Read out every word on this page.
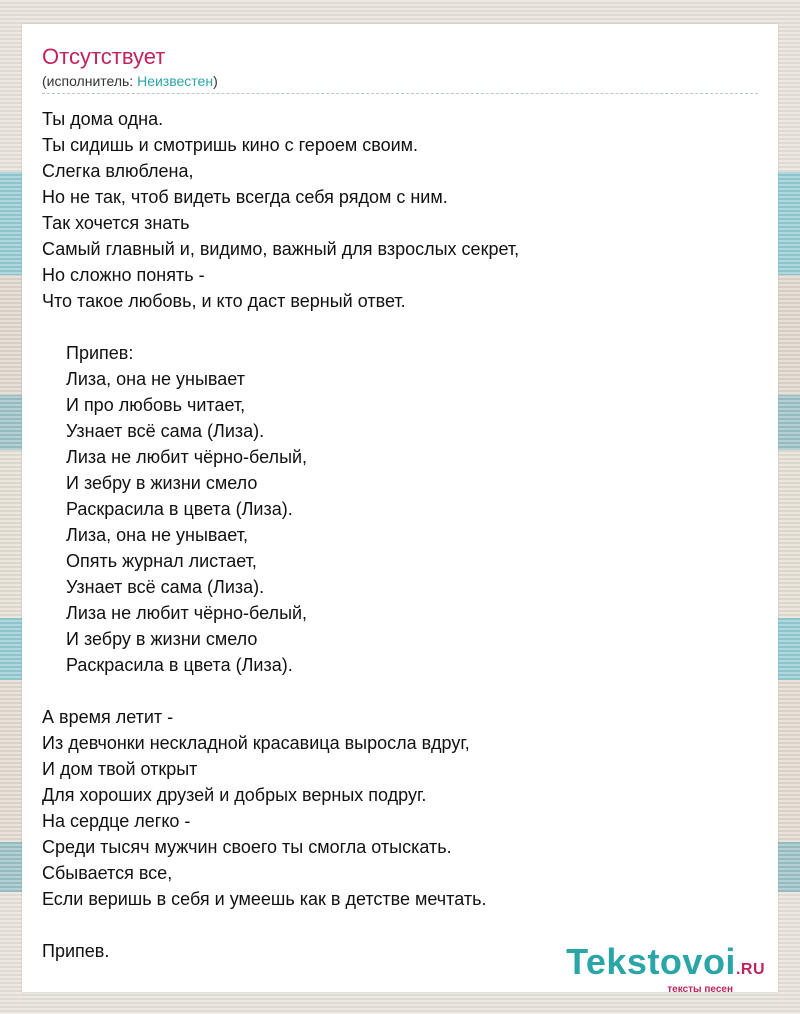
Отсутствует
(исполнитель: Неизвестен)
Ты дома одна.
Ты сидишь и смотришь кино с героем своим.
Слегка влюблена,
Но не так, чтоб видеть всегда себя рядом с ним.
Так хочется знать
Самый главный и, видимо, важный для взрослых секрет,
Но сложно понять -
Что такое любовь, и кто даст верный ответ.
Припев:
Лиза, она не унывает
И про любовь читает,
Узнает всё сама (Лиза).
Лиза не любит чёрно-белый,
И зебру в жизни смело
Раскрасила в цвета (Лиза).
Лиза, она не унывает,
Опять журнал листает,
Узнает всё сама (Лиза).
Лиза не любит чёрно-белый,
И зебру в жизни смело
Раскрасила в цвета (Лиза).
А время летит -
Из девчонки нескладной красавица выросла вдруг,
И дом твой открыт
Для хороших друзей и добрых верных подруг.
На сердце легко -
Среди тысяч мужчин своего ты смогла отыскать.
Сбывается все,
Если веришь в себя и умеешь как в детстве мечтать.
Припев.	Tekstovoi.RU
тексты песен
